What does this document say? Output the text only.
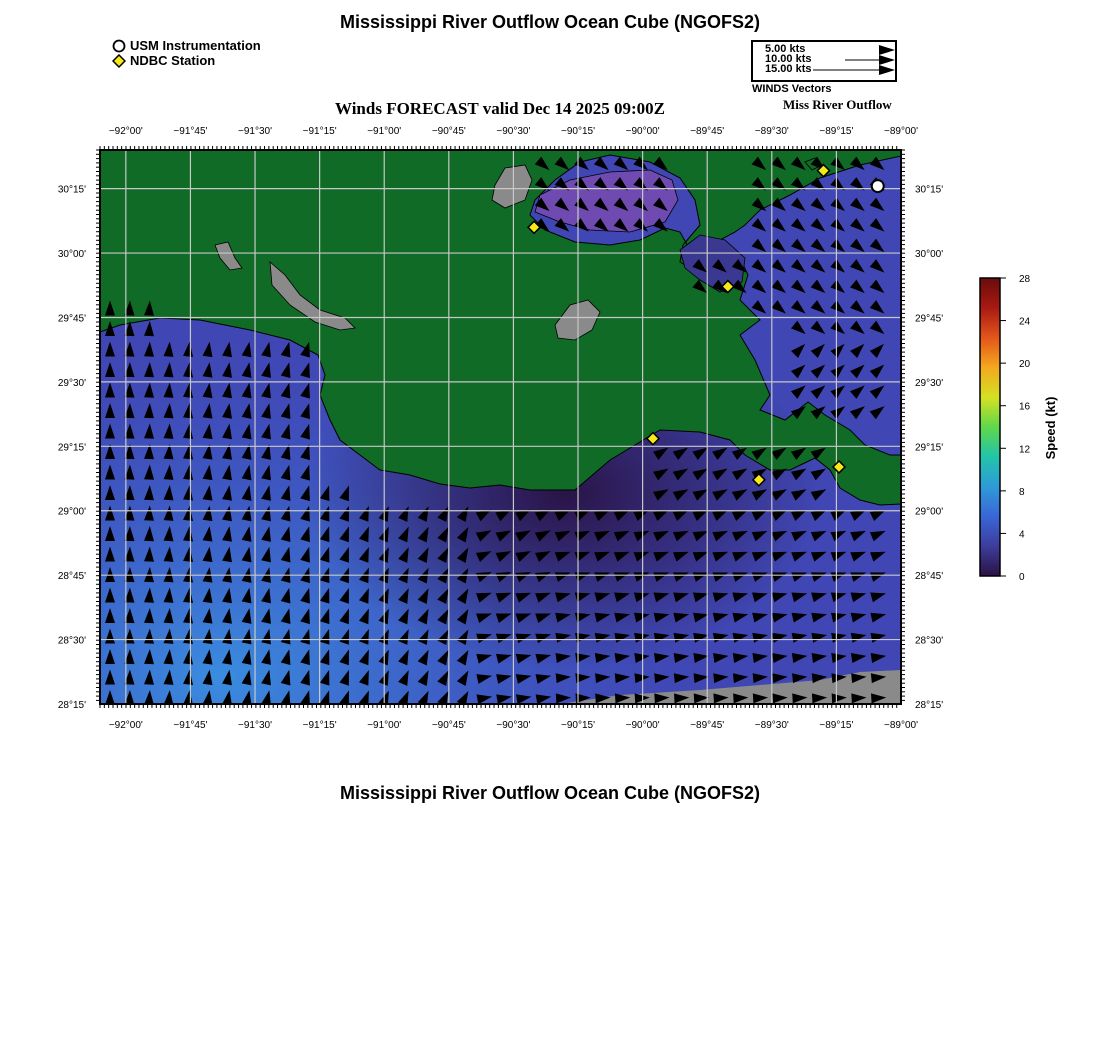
Mississippi River Outflow Ocean Cube (NGOFS2)
USM Instrumentation
NDBC Station
5.00 kts
10.00 kts
15.00 kts
WINDS Vectors
Miss River Outflow
Winds FORECAST valid Dec 14 2025 09:00Z
−92°00'
−92°00'
−91°45'
−91°45'
−91°30'
−91°30'
−91°15'
−91°15'
−91°00'
−91°00'
−90°45'
−90°45'
−90°30'
−90°30'
−90°15'
−90°15'
−90°00'
−90°00'
−89°45'
−89°45'
−89°30'
−89°30'
−89°15'
−89°15'
−89°00'
−89°00'
30°15'	30°15'
30°00'	30°00'
29°45'	29°45'
29°30'	29°30'
29°15'	29°15'
29°00'	29°00'
28°45'	28°45'
28°30'	28°30'
28°15'	28°15'
28
24
20
16
12
8
4
0
Speed (kt)
Mississippi River Outflow Ocean Cube (NGOFS2)
